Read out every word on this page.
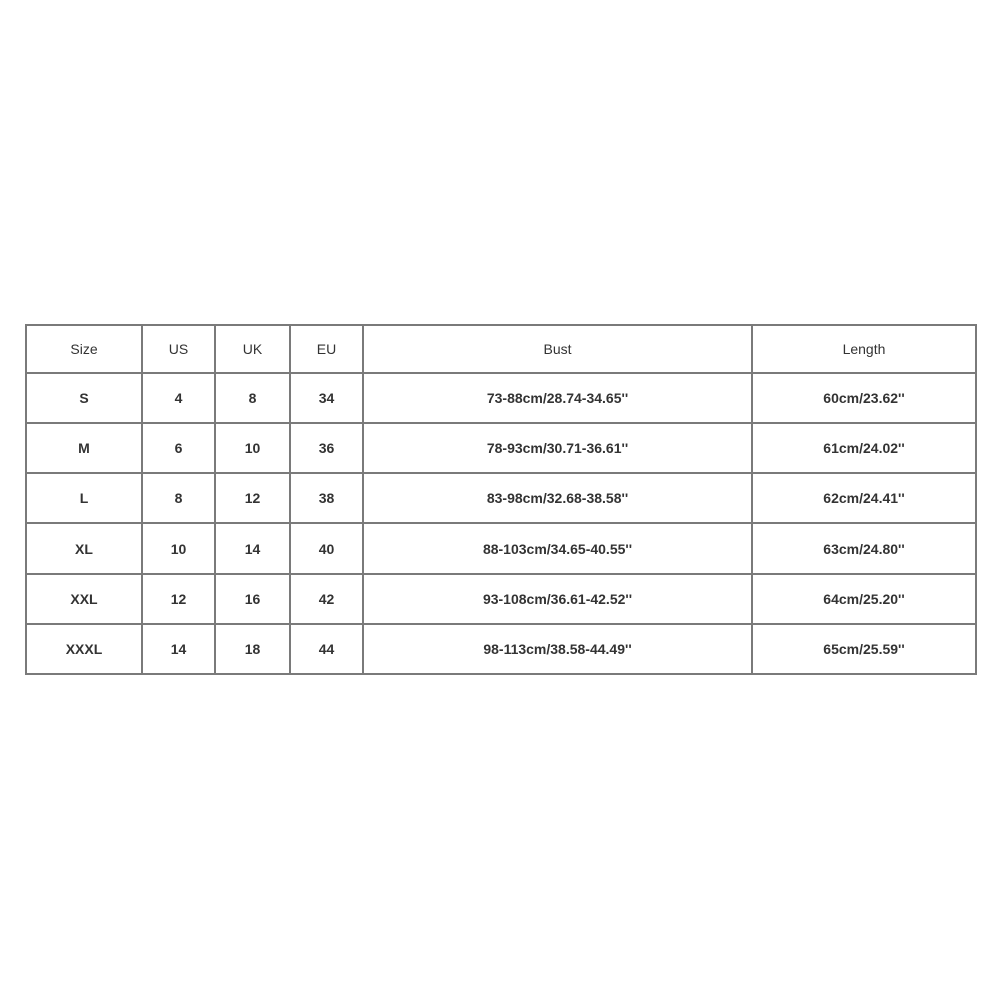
Size	US	UK	EU	Bust	Length
S	4	8	34	73-88cm/28.74-34.65''	60cm/23.62''
M	6	10	36	78-93cm/30.71-36.61''	61cm/24.02''
L	8	12	38	83-98cm/32.68-38.58''	62cm/24.41''
XL	10	14	40	88-103cm/34.65-40.55''	63cm/24.80''
XXL	12	16	42	93-108cm/36.61-42.52''	64cm/25.20''
XXXL	14	18	44	98-113cm/38.58-44.49''	65cm/25.59''
